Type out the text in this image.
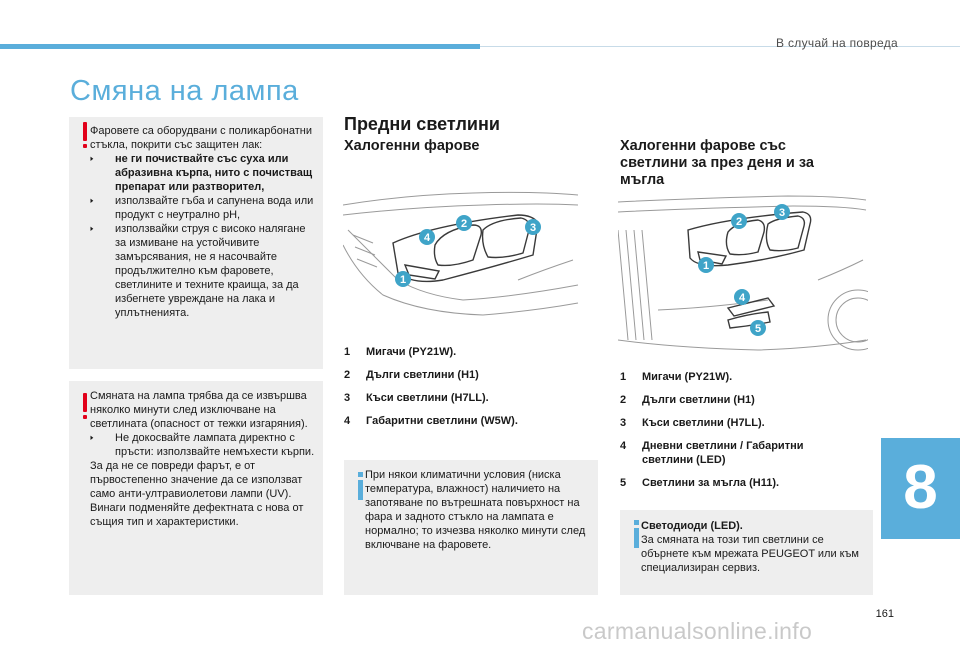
В случай на повреда
Смяна на лампа

Фаровете са оборудвани с поликарбонатни стъкла, покрити със защитен лак:

🢒 не ги почиствайте със суха или абразивна кърпа, нито с почистващ препарат или разтворител,

🢒 използвайте гъба и сапунена вода или продукт с неутрално pH,

🢒 използвайки струя с високо налягане за измиване на устойчивите замърсявания, не я насочвайте продължително към фаровете, светлините и техните краища, за да избегнете увреждане на лака и уплътненията.

Смяната на лампа трябва да се извършва няколко минути след изключване на светлината (опасност от тежки изгаряния).

🢒 Не докосвайте лампата директно с пръсти: използвайте немъхести кърпи.

За да не се повреди фарът, е от първостепенно значение да се използват само анти-ултравиолетови лампи (UV).

Винаги подменяйте дефектната с нова от същия тип и характеристики.

Предни светлини
Халогенни фарове	Халогенни фарове със
светлини за през деня и за
мъгла
1
2	3
4
1
2
3
4
5
1 Мигачи (PY21W).
2 Дълги светлини (H1)
3 Къси светлини (H7LL).
4 Габаритни светлини (W5W).
1 Мигачи (PY21W).
2 Дълги светлини (H1)
3 Къси светлини (H7LL).
4 Дневни светлини / Габаритни светлини (LED)
5 Светлини за мъгла (H11).

При някои климатични условия (ниска температура, влажност) наличието на запотяване по вътрешната повърхност на фара и задното стъкло на лампата е нормално; то изчезва няколко минути след включване на фаровете.

Светодиоди (LED).

За смяната на този тип светлини се обърнете към мрежата PEUGEOT или към специализиран сервиз.

8
161
carmanualsonline.info
